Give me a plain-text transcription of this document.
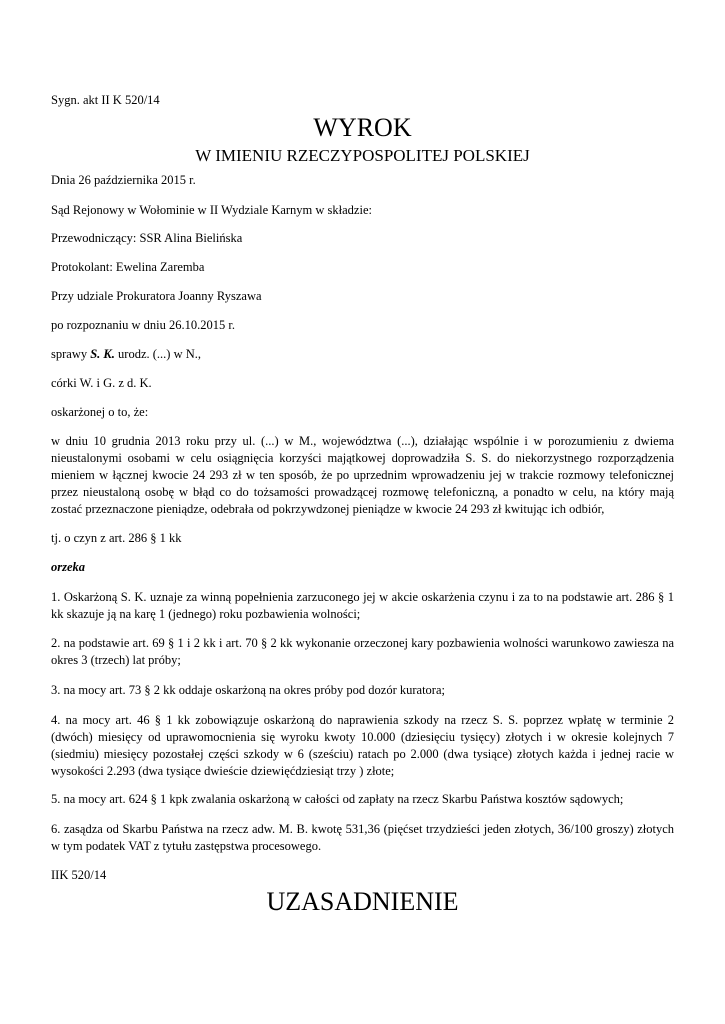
Sygn. akt II K 520/14

WYROK
W IMIENIU RZECZYPOSPOLITEJ POLSKIEJ

Dnia 26 października 2015 r.

Sąd Rejonowy w Wołominie w II Wydziale Karnym w składzie:

Przewodniczący: SSR Alina Bielińska

Protokolant: Ewelina Zaremba

Przy udziale Prokuratora Joanny Ryszawa

po rozpoznaniu w dniu 26.10.2015 r.

sprawy S. K. urodz. (...) w N.,

córki W. i G. z d. K.

oskarżonej o to, że:

w dniu 10 grudnia 2013 roku przy ul. (...) w M., województwa (...), działając wspólnie i w porozumieniu z dwiema nieustalonymi osobami w celu osiągnięcia korzyści majątkowej doprowadziła S. S. do niekorzystnego rozporządzenia mieniem w łącznej kwocie 24 293 zł w ten sposób, że po uprzednim wprowadzeniu jej w trakcie rozmowy telefonicznej przez nieustaloną osobę w błąd co do tożsamości prowadzącej rozmowę telefoniczną, a ponadto w celu, na który mają zostać przeznaczone pieniądze, odebrała od pokrzywdzonej pieniądze w kwocie 24 293 zł kwitując ich odbiór,

tj. o czyn z art. 286 § 1 kk

orzeka

1. Oskarżoną S. K. uznaje za winną popełnienia zarzuconego jej w akcie oskarżenia czynu i za to na podstawie art. 286 § 1 kk skazuje ją na karę 1 (jednego) roku pozbawienia wolności;

2. na podstawie art. 69 § 1 i 2 kk i art. 70 § 2 kk wykonanie orzeczonej kary pozbawienia wolności warunkowo zawiesza na okres 3 (trzech) lat próby;

3. na mocy art. 73 § 2 kk oddaje oskarżoną na okres próby pod dozór kuratora;

4. na mocy art. 46 § 1 kk zobowiązuje oskarżoną do naprawienia szkody na rzecz S. S. poprzez wpłatę w terminie 2 (dwóch) miesięcy od uprawomocnienia się wyroku kwoty 10.000 (dziesięciu tysięcy) złotych i w okresie kolejnych 7 (siedmiu) miesięcy pozostałej części szkody w 6 (sześciu) ratach po 2.000 (dwa tysiące) złotych każda i jednej racie w wysokości 2.293 (dwa tysiące dwieście dziewięćdziesiąt trzy ) złote;

5. na mocy art. 624 § 1 kpk zwalania oskarżoną w całości od zapłaty na rzecz Skarbu Państwa kosztów sądowych;

6. zasądza od Skarbu Państwa na rzecz adw. M. B. kwotę 531,36 (pięćset trzydzieści jeden złotych, 36/100 groszy) złotych w tym podatek VAT z tytułu zastępstwa procesowego.

IIK 520/14

UZASADNIENIE
